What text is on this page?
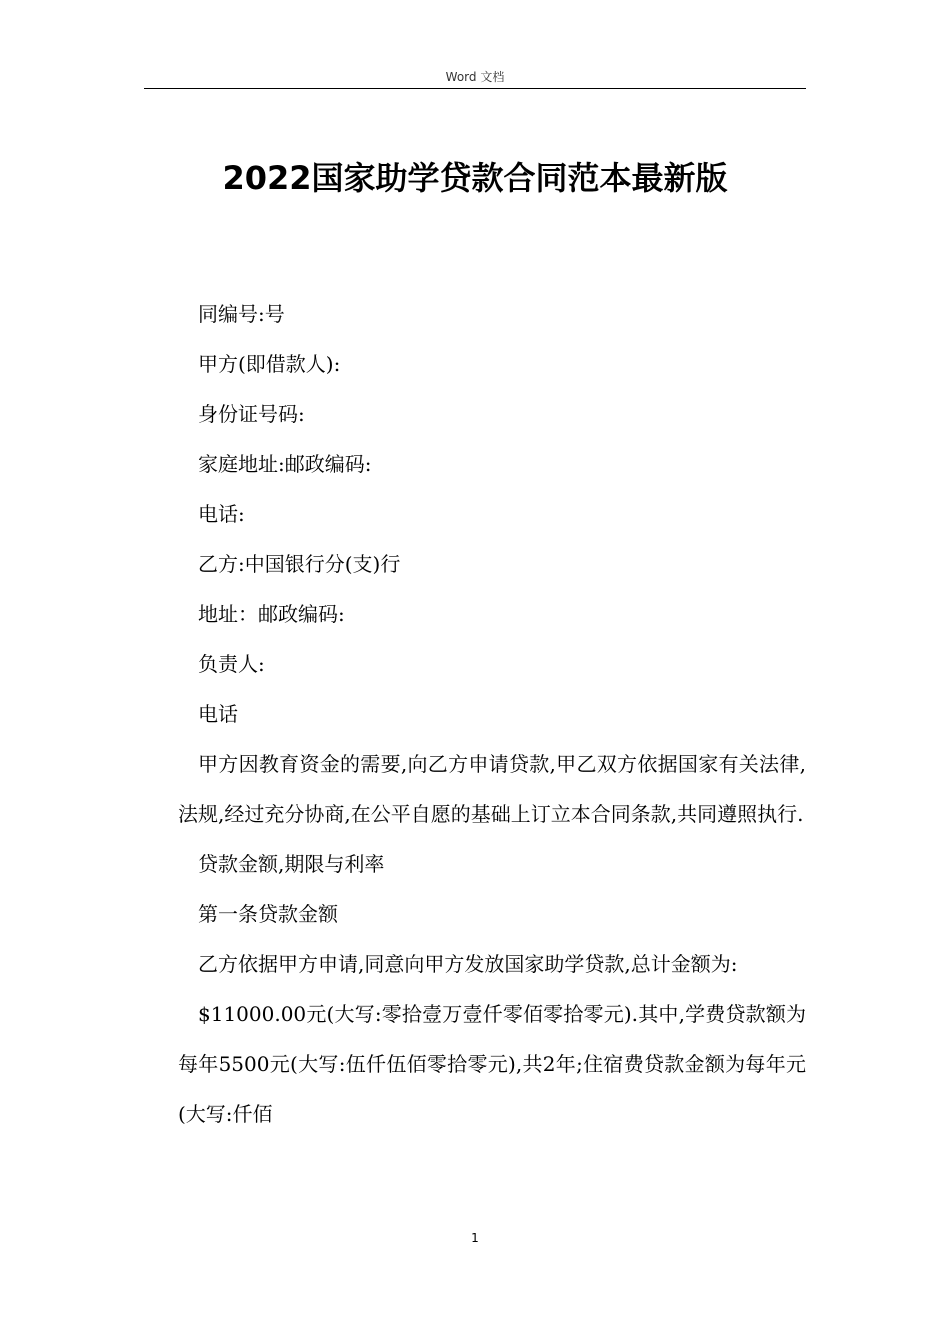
Word 文档
2022国家助学贷款合同范本最新版

同编号:号

甲方(即借款人):

身份证号码:

家庭地址:邮政编码:

电话:

乙方:中国银行分(支)行

地址：邮政编码:

负责人:

电话

甲方因教育资金的需要,向乙方申请贷款,甲乙双方依据国家有关法律,法规,经过充分协商,在公平自愿的基础上订立本合同条款,共同遵照执行.

贷款金额,期限与利率

第一条贷款金额

乙方依据甲方申请,同意向甲方发放国家助学贷款,总计金额为:

$11000.00元(大写:零拾壹万壹仟零佰零拾零元).其中,学费贷款额为每年5500元(大写:伍仟伍佰零拾零元),共2年;住宿费贷款金额为每年元(大写:仟佰

1
